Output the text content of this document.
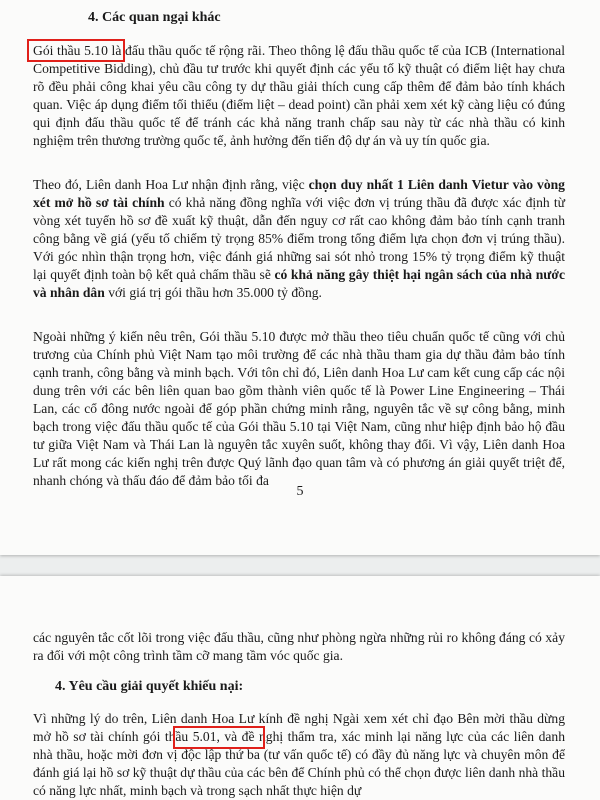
4. Các quan ngại khác

Gói thầu 5.10 là đấu thầu quốc tế rộng rãi. Theo thông lệ đấu thầu quốc tế của ICB (International Competitive Bidding), chủ đầu tư trước khi quyết định các yếu tố kỹ thuật có điểm liệt hay chưa rõ đều phải công khai yêu cầu công ty dự thầu giải thích cung cấp thêm để đảm bảo tính khách quan. Việc áp dụng điểm tối thiểu (điểm liệt – dead point) cần phải xem xét kỹ càng liệu có đúng qui định đấu thầu quốc tế để tránh các khả năng tranh chấp sau này từ các nhà thầu có kinh nghiệm trên thương trường quốc tế, ảnh hưởng đến tiến độ dự án và uy tín quốc gia.

Theo đó, Liên danh Hoa Lư nhận định rằng, việc chọn duy nhất 1 Liên danh Vietur vào vòng xét mở hồ sơ tài chính có khả năng đồng nghĩa với việc đơn vị trúng thầu đã được xác định từ vòng xét tuyển hồ sơ đề xuất kỹ thuật, dẫn đến nguy cơ rất cao không đảm bảo tính cạnh tranh công bằng về giá (yếu tố chiếm tỷ trọng 85% điểm trong tổng điểm lựa chọn đơn vị trúng thầu). Với góc nhìn thận trọng hơn, việc đánh giá những sai sót nhỏ trong 15% tỷ trọng điểm kỹ thuật lại quyết định toàn bộ kết quả chấm thầu sẽ có khả năng gây thiệt hại ngân sách của nhà nước và nhân dân với giá trị gói thầu hơn 35.000 tỷ đồng.

Ngoài những ý kiến nêu trên, Gói thầu 5.10 được mở thầu theo tiêu chuẩn quốc tế cũng với chủ trương của Chính phủ Việt Nam tạo môi trường để các nhà thầu tham gia dự thầu đảm bảo tính cạnh tranh, công bằng và minh bạch. Với tôn chỉ đó, Liên danh Hoa Lư cam kết cung cấp các nội dung trên với các bên liên quan bao gồm thành viên quốc tế là Power Line Engineering – Thái Lan, các cổ đông nước ngoài để góp phần chứng minh rằng, nguyên tắc về sự công bằng, minh bạch trong việc đấu thầu quốc tế của Gói thầu 5.10 tại Việt Nam, cũng như hiệp định bảo hộ đầu tư giữa Việt Nam và Thái Lan là nguyên tắc xuyên suốt, không thay đổi. Vì vậy, Liên danh Hoa Lư rất mong các kiến nghị trên được Quý lãnh đạo quan tâm và có phương án giải quyết triệt để, nhanh chóng và thấu đáo để đảm bảo tối đa

5

các nguyên tắc cốt lõi trong việc đấu thầu, cũng như phòng ngừa những rủi ro không đáng có xảy ra đối với một công trình tầm cỡ mang tầm vóc quốc gia.

4. Yêu cầu giải quyết khiếu nại:

Vì những lý do trên, Liên danh Hoa Lư kính đề nghị Ngài xem xét chỉ đạo Bên mời thầu dừng mở hồ sơ tài chính gói thầu 5.01, và đề nghị thẩm tra, xác minh lại năng lực của các liên danh nhà thầu, hoặc mời đơn vị độc lập thứ ba (tư vấn quốc tế) có đầy đủ năng lực và chuyên môn để đánh giá lại hồ sơ kỹ thuật dự thầu của các bên để Chính phủ có thể chọn được liên danh nhà thầu có năng lực nhất, minh bạch và trong sạch nhất thực hiện dự
